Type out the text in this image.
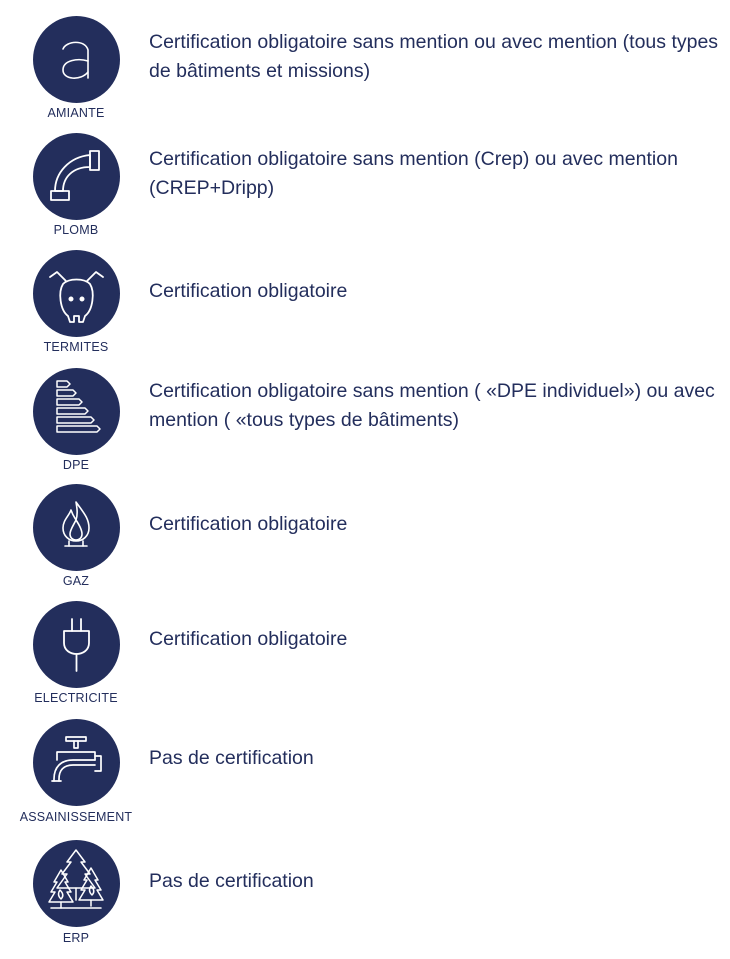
AMIANTE
Certification obligatoire sans mention ou avec mention (tous types de bâtiments et missions)
PLOMB
Certification obligatoire sans mention (Crep) ou avec mention (CREP+Dripp)
TERMITES
Certification obligatoire
DPE
Certification obligatoire sans mention ( «DPE individuel») ou avec mention ( «tous types de bâtiments)
GAZ
Certification obligatoire
ELECTRICITE
Certification obligatoire
ASSAINISSEMENT
Pas de certification
ERP
Pas de certification
